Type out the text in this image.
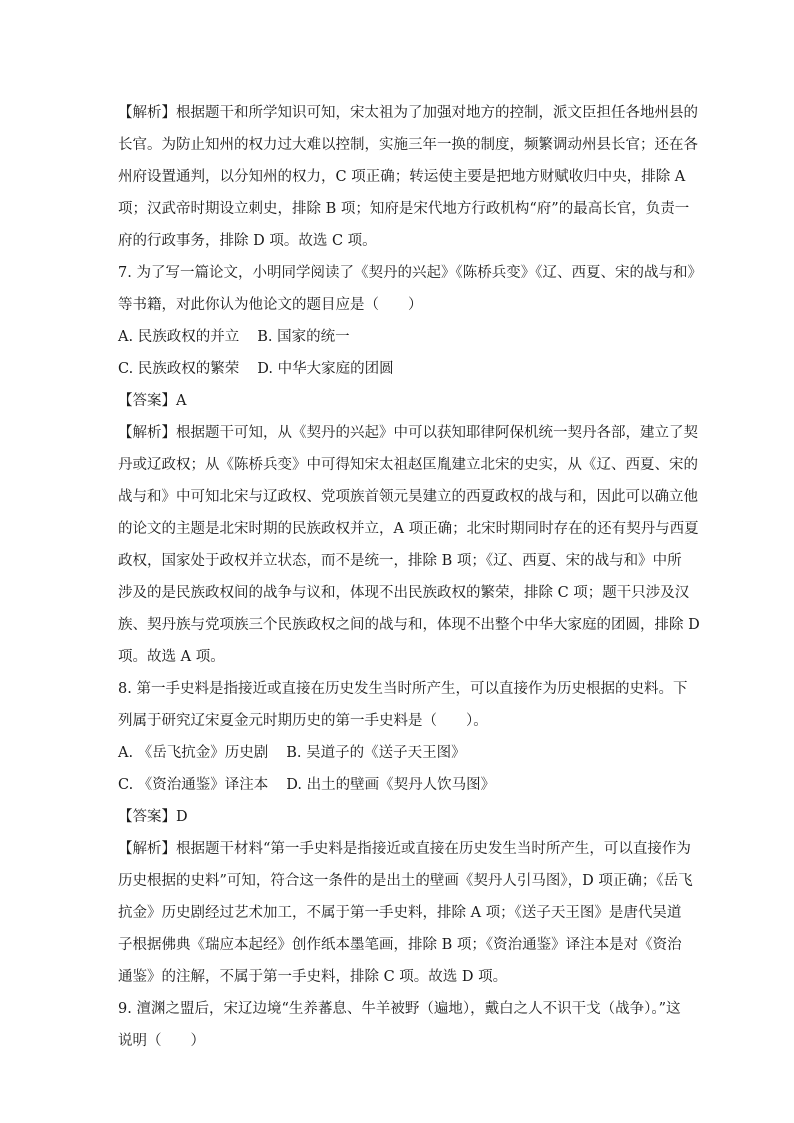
【解析】根据题干和所学知识可知，宋太祖为了加强对地方的控制，派文臣担任各地州县的
长官。为防止知州的权力过大难以控制，实施三年一换的制度，频繁调动州县长官；还在各
州府设置通判，以分知州的权力，C 项正确；转运使主要是把地方财赋收归中央，排除 A
项；汉武帝时期设立刺史，排除 B 项；知府是宋代地方行政机构“府”的最高长官，负责一
府的行政事务，排除 D 项。故选 C 项。
7. 为了写一篇论文，小明同学阅读了《契丹的兴起》《陈桥兵变》《辽、西夏、宋的战与和》
等书籍，对此你认为他论文的题目应是（　　）
A. 民族政权的并立 B. 国家的统一
C. 民族政权的繁荣 D. 中华大家庭的团圆
【答案】A
【解析】根据题干可知，从《契丹的兴起》中可以获知耶律阿保机统一契丹各部，建立了契
丹或辽政权；从《陈桥兵变》中可得知宋太祖赵匡胤建立北宋的史实，从《辽、西夏、宋的
战与和》中可知北宋与辽政权、党项族首领元昊建立的西夏政权的战与和，因此可以确立他
的论文的主题是北宋时期的民族政权并立，A 项正确；北宋时期同时存在的还有契丹与西夏
政权，国家处于政权并立状态，而不是统一，排除 B 项；《辽、西夏、宋的战与和》中所
涉及的是民族政权间的战争与议和，体现不出民族政权的繁荣，排除 C 项；题干只涉及汉
族、契丹族与党项族三个民族政权之间的战与和，体现不出整个中华大家庭的团圆，排除 D
项。故选 A 项。
8. 第一手史料是指接近或直接在历史发生当时所产生，可以直接作为历史根据的史料。下
列属于研究辽宋夏金元时期历史的第一手史料是（　　）。
A. 《岳飞抗金》历史剧 B. 吴道子的《送子天王图》
C. 《资治通鉴》译注本 D. 出土的壁画《契丹人饮马图》
【答案】D
【解析】根据题干材料“第一手史料是指接近或直接在历史发生当时所产生，可以直接作为
历史根据的史料”可知，符合这一条件的是出土的壁画《契丹人引马图》，D 项正确；《岳飞
抗金》历史剧经过艺术加工，不属于第一手史料，排除 A 项；《送子天王图》是唐代吴道
子根据佛典《瑞应本起经》创作纸本墨笔画，排除 B 项；《资治通鉴》译注本是对《资治
通鉴》的注解，不属于第一手史料，排除 C 项。故选 D 项。
9. 澶渊之盟后，宋辽边境“生养蕃息、牛羊被野（遍地），戴白之人不识干戈（战争）。”这
说明（　　）
